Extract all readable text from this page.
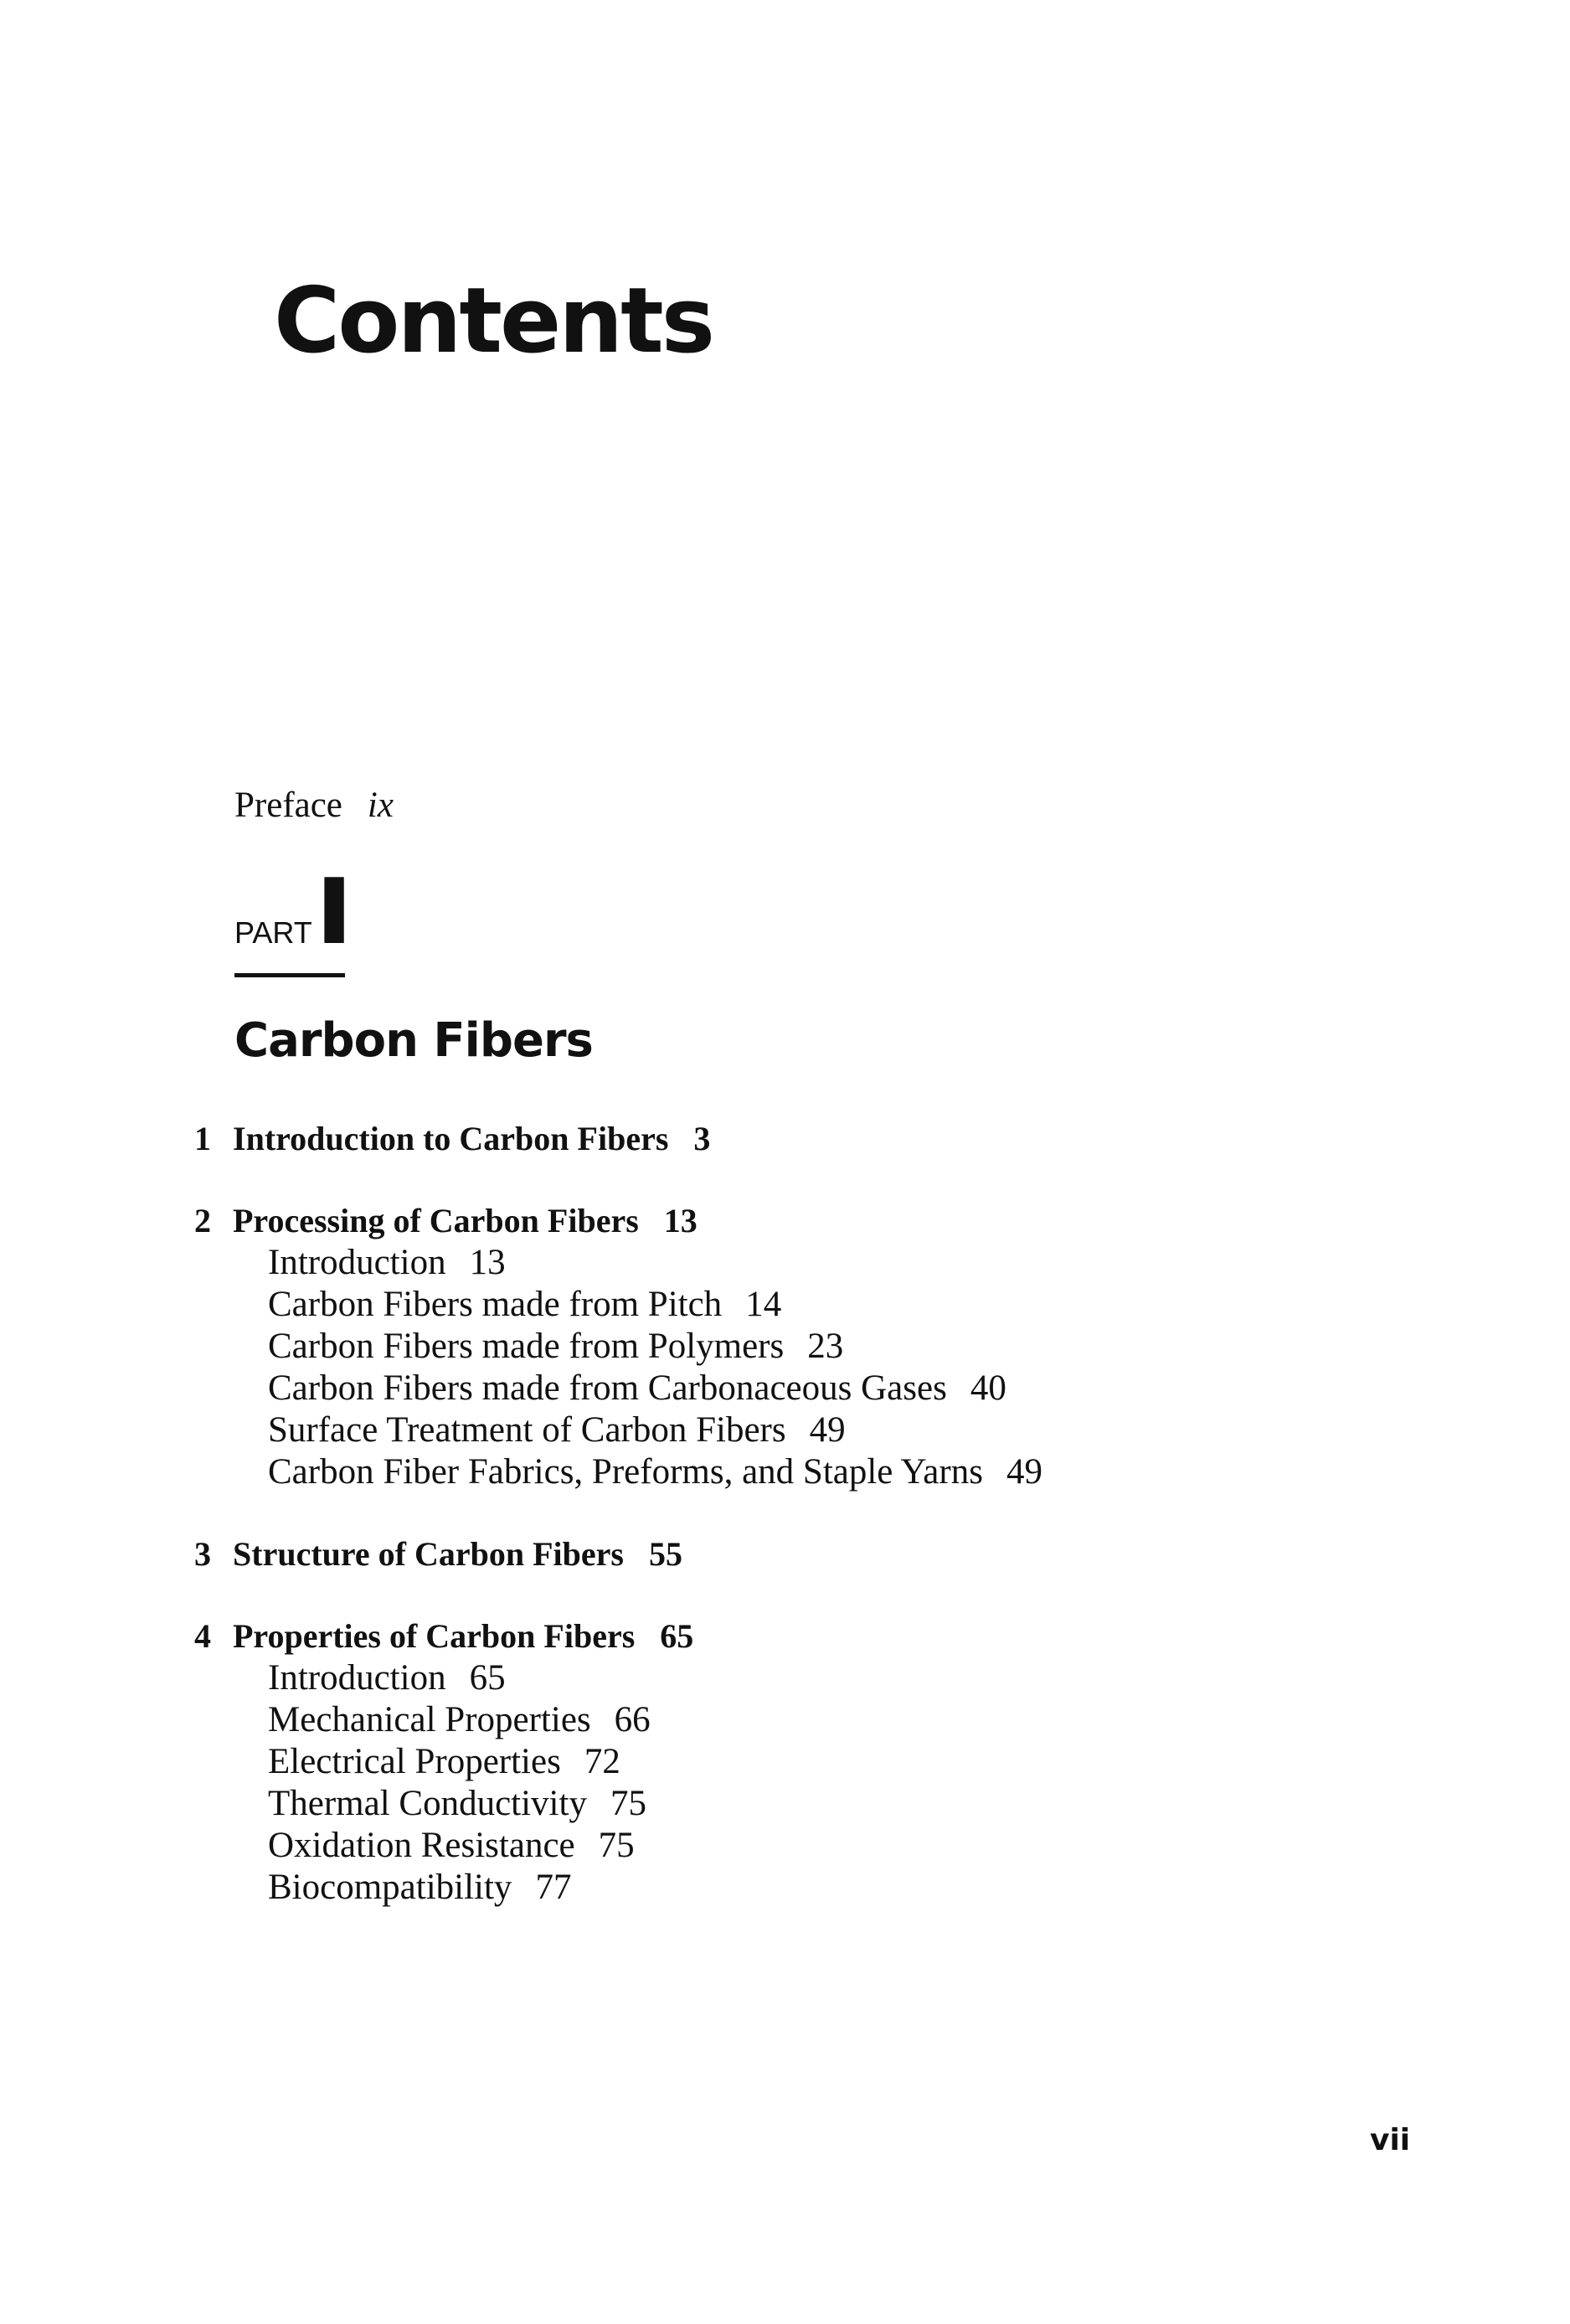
Contents
Preface ix
PART I
Carbon Fibers
1 Introduction to Carbon Fibers 3
2 Processing of Carbon Fibers 13
Introduction 13
Carbon Fibers made from Pitch 14
Carbon Fibers made from Polymers 23
Carbon Fibers made from Carbonaceous Gases 40
Surface Treatment of Carbon Fibers 49
Carbon Fiber Fabrics, Preforms, and Staple Yarns 49
3 Structure of Carbon Fibers 55
4 Properties of Carbon Fibers 65
Introduction 65
Mechanical Properties 66
Electrical Properties 72
Thermal Conductivity 75
Oxidation Resistance 75
Biocompatibility 77
vii
